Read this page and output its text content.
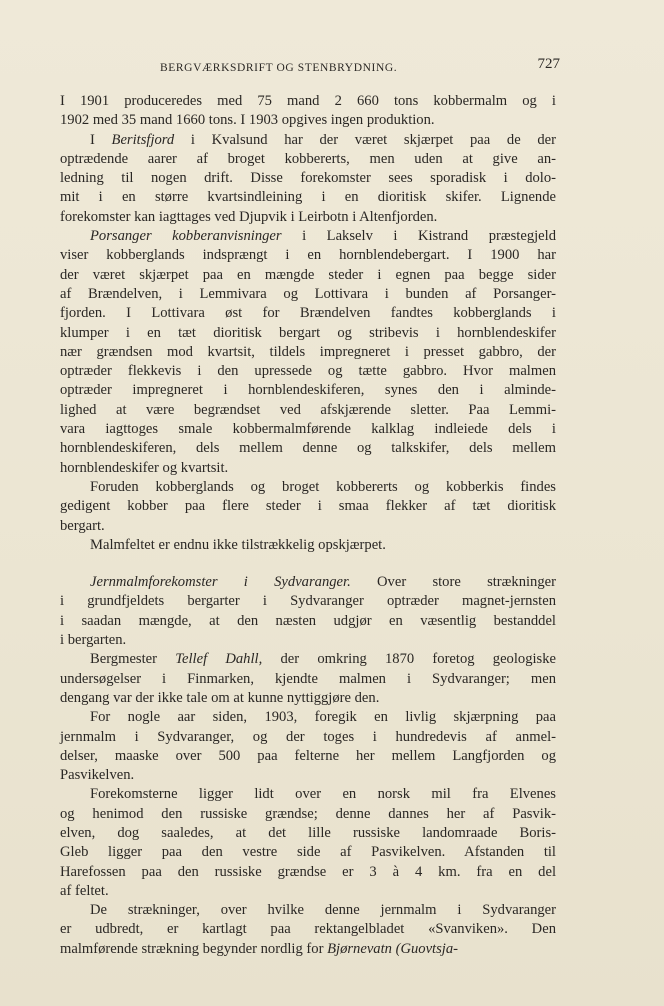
BERGVÆRKSDRIFT OG STENBRYDNING.	727
I 1901 produceredes med 75 mand 2 660 tons kobbermalm og i
1902 med 35 mand 1660 tons. I 1903 opgives ingen produktion.
I Beritsfjord i Kvalsund har der været skjærpet paa de der
optrædende aarer af broget kobbererts, men uden at give an-
ledning til nogen drift. Disse forekomster sees sporadisk i dolo-
mit i en større kvartsindleining i en dioritisk skifer. Lignende
forekomster kan iagttages ved Djupvik i Leirbotn i Altenfjorden.
Porsanger kobberanvisninger i Lakselv i Kistrand præstegjeld
viser kobberglands indsprængt i en hornblendebergart. I 1900 har
der været skjærpet paa en mængde steder i egnen paa begge sider
af Brændelven, i Lemmivara og Lottivara i bunden af Porsanger-
fjorden. I Lottivara øst for Brændelven fandtes kobberglands i
klumper i en tæt dioritisk bergart og stribevis i hornblendeskifer
nær grændsen mod kvartsit, tildels impregneret i presset gabbro, der
optræder flekkevis i den upressede og tætte gabbro. Hvor malmen
optræder impregneret i hornblendeskiferen, synes den i alminde-
lighed at være begrændset ved afskjærende sletter. Paa Lemmi-
vara iagttoges smale kobbermalmførende kalklag indleiede dels i
hornblendeskiferen, dels mellem denne og talkskifer, dels mellem
hornblendeskifer og kvartsit.
Foruden kobberglands og broget kobbererts og kobberkis findes
gedigent kobber paa flere steder i smaa flekker af tæt dioritisk
bergart.
Malmfeltet er endnu ikke tilstrækkelig opskjærpet.
Jernmalmforekomster i Sydvaranger. Over store strækninger
i grundfjeldets bergarter i Sydvaranger optræder magnet-jernsten
i saadan mængde, at den næsten udgjør en væsentlig bestanddel
i bergarten.
Bergmester Tellef Dahll, der omkring 1870 foretog geologiske
undersøgelser i Finmarken, kjendte malmen i Sydvaranger; men
dengang var der ikke tale om at kunne nyttiggjøre den.
For nogle aar siden, 1903, foregik en livlig skjærpning paa
jernmalm i Sydvaranger, og der toges i hundredevis af anmel-
delser, maaske over 500 paa felterne her mellem Langfjorden og
Pasvikelven.
Forekomsterne ligger lidt over en norsk mil fra Elvenes
og henimod den russiske grændse; denne dannes her af Pasvik-
elven, dog saaledes, at det lille russiske landomraade Boris-
Gleb ligger paa den vestre side af Pasvikelven. Afstanden til
Harefossen paa den russiske grændse er 3 à 4 km. fra en del
af feltet.
De strækninger, over hvilke denne jernmalm i Sydvaranger
er udbredt, er kartlagt paa rektangelbladet «Svanviken». Den
malmførende strækning begynder nordlig for Bjørnevatn (Guovtsja-
